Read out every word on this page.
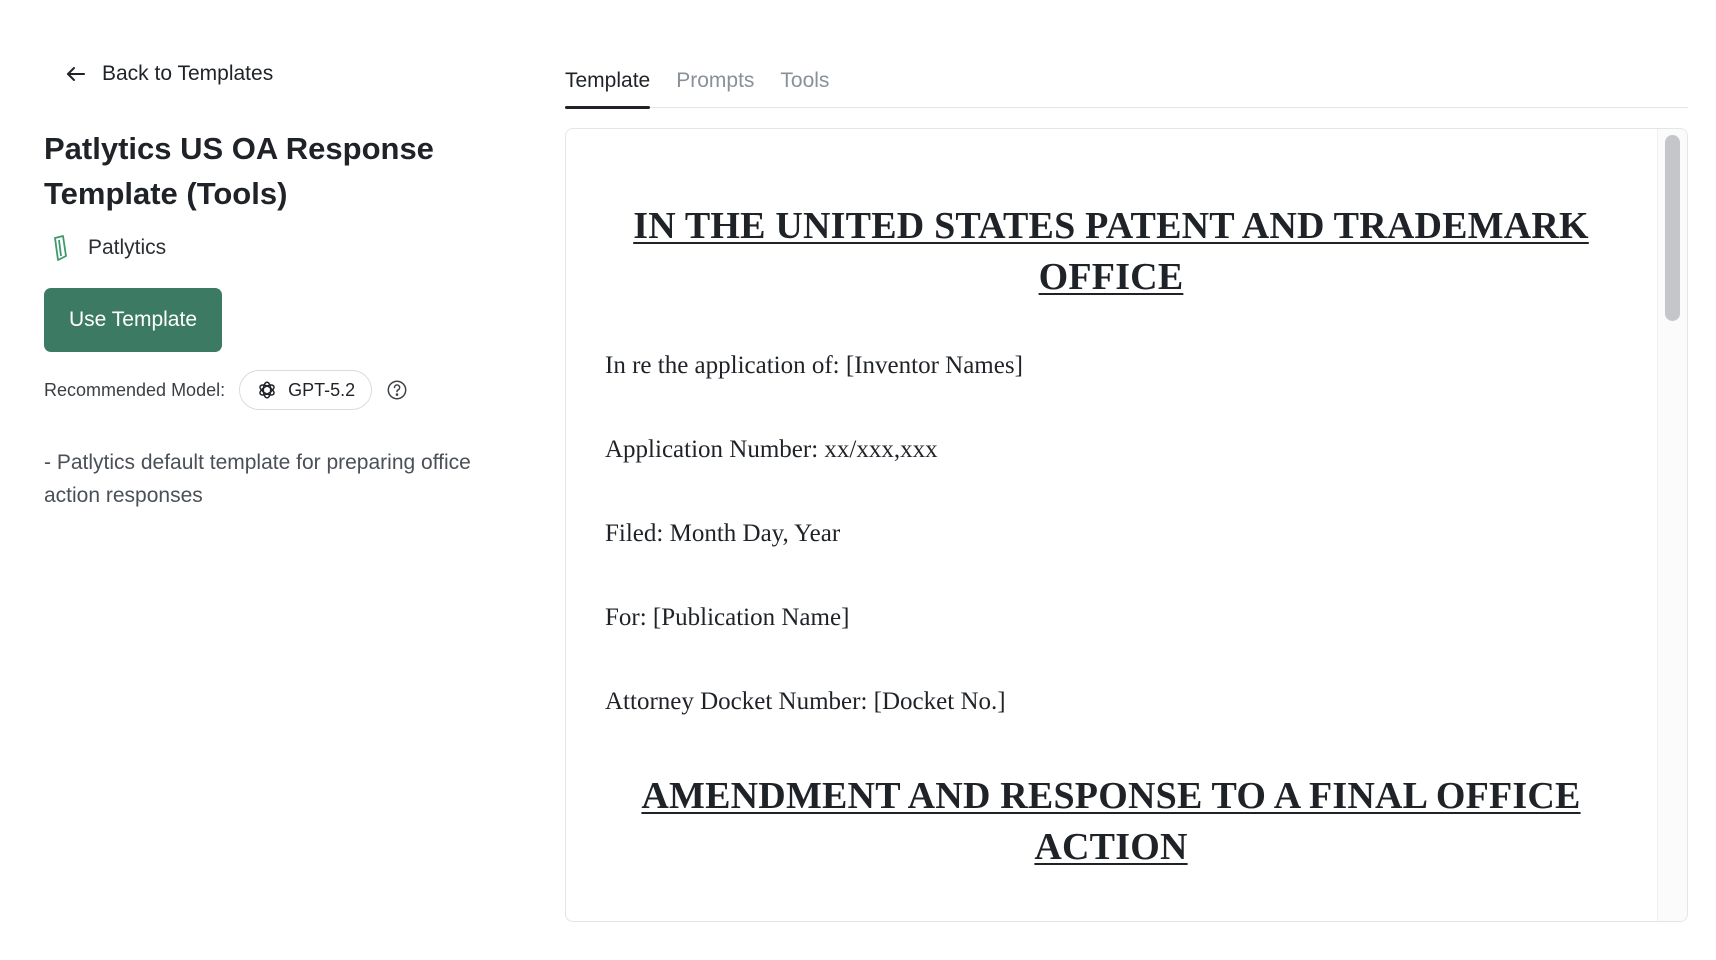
Back to Templates
Patlytics US OA Response Template (Tools)
Patlytics
Use Template
Recommended Model:	GPT-5.2
- Patlytics default template for preparing office action responses
Template Prompts Tools

IN THE UNITED STATES PATENT AND TRADEMARK OFFICE

In re the application of: [Inventor Names]

Application Number: xx/xxx,xxx

Filed: Month Day, Year

For: [Publication Name]

Attorney Docket Number: [Docket No.]

AMENDMENT AND RESPONSE TO A FINAL OFFICE ACTION
